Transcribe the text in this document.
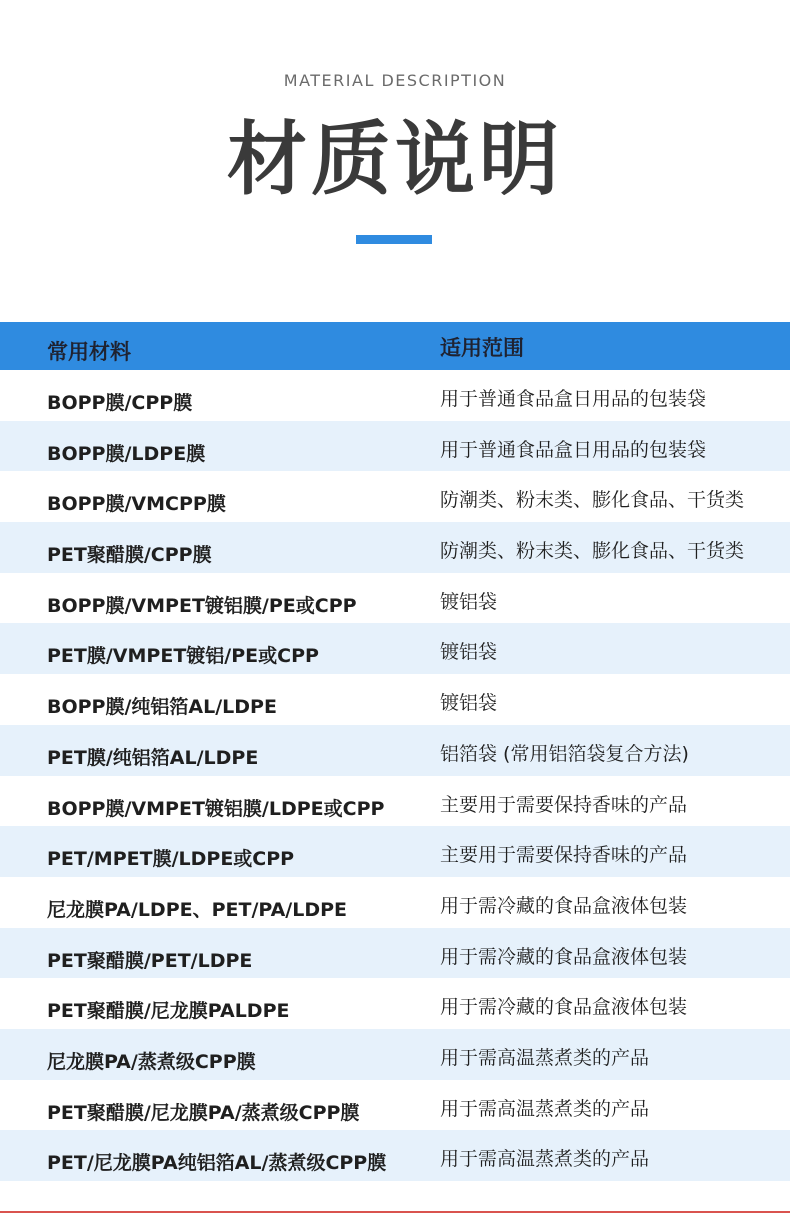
MATERIAL DESCRIPTION
材质说明
常用材料	适用范围
BOPP膜/CPP膜	用于普通食品盒日用品的包装袋
BOPP膜/LDPE膜	用于普通食品盒日用品的包装袋
BOPP膜/VMCPP膜	防潮类、粉末类、膨化食品、干货类
PET聚醋膜/CPP膜	防潮类、粉末类、膨化食品、干货类
BOPP膜/VMPET镀铝膜/PE或CPP	镀铝袋
PET膜/VMPET镀铝/PE或CPP	镀铝袋
BOPP膜/纯铝箔AL/LDPE	镀铝袋
PET膜/纯铝箔AL/LDPE	铝箔袋 (常用铝箔袋复合方法)
BOPP膜/VMPET镀铝膜/LDPE或CPP	主要用于需要保持香味的产品
PET/MPET膜/LDPE或CPP	主要用于需要保持香味的产品
尼龙膜PA/LDPE、PET/PA/LDPE	用于需冷藏的食品盒液体包装
PET聚醋膜/PET/LDPE	用于需冷藏的食品盒液体包装
PET聚醋膜/尼龙膜PALDPE	用于需冷藏的食品盒液体包装
尼龙膜PA/蒸煮级CPP膜	用于需高温蒸煮类的产品
PET聚醋膜/尼龙膜PA/蒸煮级CPP膜	用于需高温蒸煮类的产品
PET/尼龙膜PA纯铝箔AL/蒸煮级CPP膜	用于需高温蒸煮类的产品
